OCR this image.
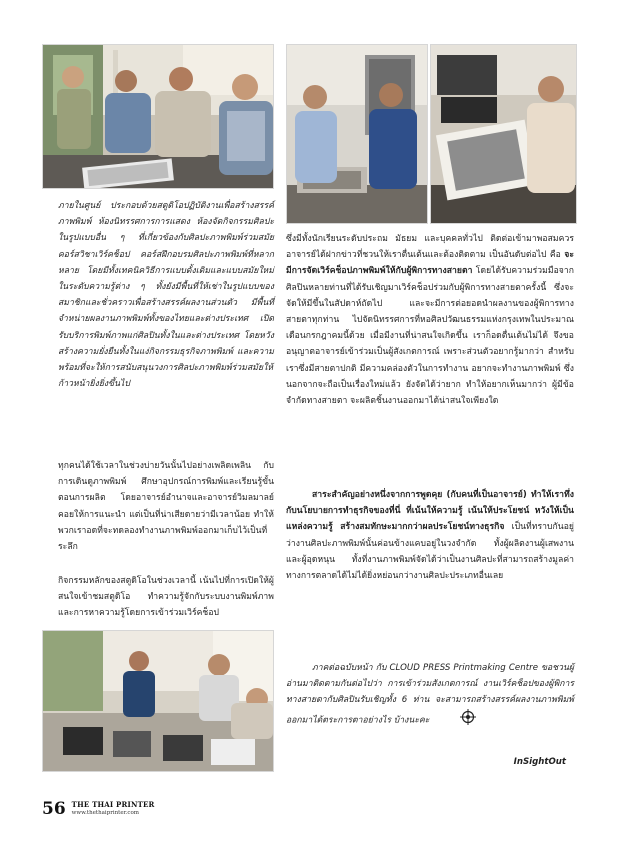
ภายในศูนย์ ประกอบด้วยสตูดิโอปฏิบัติงานเพื่อสร้างสรรค์ภาพพิมพ์ ห้องนิทรรศการการแสดง ห้องจัดกิจกรรมศิลปะในรูปแบบอื่น ๆ ที่เกี่ยวข้องกับศิลปะภาพพิมพ์ร่วมสมัย คอร์สวิชาเวิร์คช็อป คอร์สฝึกอบรมศิลปะภาพพิมพ์ที่หลากหลาย โดยมีทั้งเทคนิควิธีการแบบดั้งเดิมและแบบสมัยใหม่ ในระดับความรู้ต่าง ๆ ทั้งยังมีพื้นที่ให้เช่าในรูปแบบของสมาชิกและชั่วคราวเพื่อสร้างสรรค์ผลงานส่วนตัว มีพื้นที่จำหน่ายผลงานภาพพิมพ์ทั้งของไทยและต่างประเทศ เปิดรับบริการพิมพ์ภาพแก่ศิลปินทั้งในและต่างประเทศ โดยหวังสร้างความยั่งยืนทั้งในแง่กิจกรรมธุรกิจภาพพิมพ์ และความพร้อมที่จะให้การสนับสนุนวงการศิลปะภาพพิมพ์ร่วมสมัยให้ก้าวหน้ายิ่งยิ่งขึ้นไป
ทุกคนได้ใช้เวลาในช่วงบ่ายวันนั้นไปอย่างเพลิดเพลิน กับการเดินดูภาพพิมพ์ ศึกษาอุปกรณ์การพิมพ์และเรียนรู้ขั้นตอนการผลิต โดยอาจารย์อำนาจและอาจารย์วิมลมาลย์ คอยให้การแนะนำ แต่เป็นที่น่าเสียดายว่ามีเวลาน้อย ทำให้พวกเราอดที่จะทดลองทำงานภาพพิมพ์ออกมาเก็บไว้เป็นที่ระลึก
กิจกรรมหลักของสตูดิโอในช่วงเวลานี้ เน้นไปที่การเปิดให้ผู้สนใจเข้าชมสตูดิโอ ทำความรู้จักกับระบบงานพิมพ์ภาพ และการหาความรู้โดยการเข้าร่วมเวิร์คช็อป
ซึ่งมีทั้งนักเรียนระดับประถม มัธยม และบุคคลทั่วไป ติดต่อเข้ามาพอสมควร อาจารย์ได้ฝากข่าวที่ชวนให้เราตื่นเต้นและต้องติดตาม เป็นอันดับต่อไป คือ จะมีการจัดเวิร์คช็อปภาพพิมพ์ให้กับผู้พิการทางสายตา โดยได้รับความร่วมมือจากศิลปินหลายท่านที่ได้รับเชิญมาเวิร์คช็อปร่วมกับผู้พิการทางสายตาครั้งนี้ ซึ่งจะจัดให้มีขึ้นในสัปดาห์ถัดไป และจะมีการต่อยอดนำผลงานของผู้พิการทางสายตาทุกท่าน ไปจัดนิทรรศการที่หอศิลปวัฒนธรรมแห่งกรุงเทพในประมาณเดือนกรกฎาคมนี้ด้วย เมื่อมีงานที่น่าสนใจเกิดขึ้น เราก็อดตื่นเต้นไม่ได้ จึงขออนุญาตอาจารย์เข้าร่วมเป็นผู้สังเกตการณ์ เพราะส่วนตัวอยากรู้มากว่า สำหรับเราซึ่งมีสายตาปกติ มีความคล่องตัวในการทำงาน อยากจะทำงานภาพพิมพ์ ซึ่งนอกจากจะถือเป็นเรื่องใหม่แล้ว ยังจัดได้ว่ายาก ทำให้อยากเห็นมากว่า ผู้มีข้อจำกัดทางสายตา จะผลิตชิ้นงานออกมาได้น่าสนใจเพียงใด
สาระสำคัญอย่างหนึ่งจากการพูดคุย (กับคนที่เป็นอาจารย์) ทำให้เราทึ่งกับนโยบายการทำธุรกิจของที่นี่ ที่เน้นให้ความรู้ เน้นให้ประโยชน์ หวังให้เป็นแหล่งความรู้ สร้างสมทักษะมากกว่าผลประโยชน์ทางธุรกิจ เป็นที่ทราบกันอยู่ ว่างานศิลปะภาพพิมพ์นั้นค่อนข้างแคบอยู่ในวงจำกัด ทั้งผู้ผลิตงานผู้เสพงาน และผู้อุดหนุน ทั้งที่งานภาพพิมพ์จัดได้ว่าเป็นงานศิลปะที่สามารถสร้างมูลค่าทางการตลาดได้ไม่ได้ยิ่งหย่อนกว่างานศิลปะประเภทอื่นเลย
ภาคต่อฉบับหน้า กับ CLOUD PRESS Printmaking Centre ขอชวนผู้อ่านมาติดตามกันต่อไปว่า การเข้าร่วมสังเกตการณ์ งานเวิร์คช็อปของผู้พิการทางสายตากับศิลปินรับเชิญทั้ง 6 ท่าน จะสามารถสร้างสรรค์ผลงานภาพพิมพ์ออกมาได้ตระการตาอย่างไร บ้างนะคะ
InSightOut
56 THE THAI PRINTER
www.thethaiprinter.com
